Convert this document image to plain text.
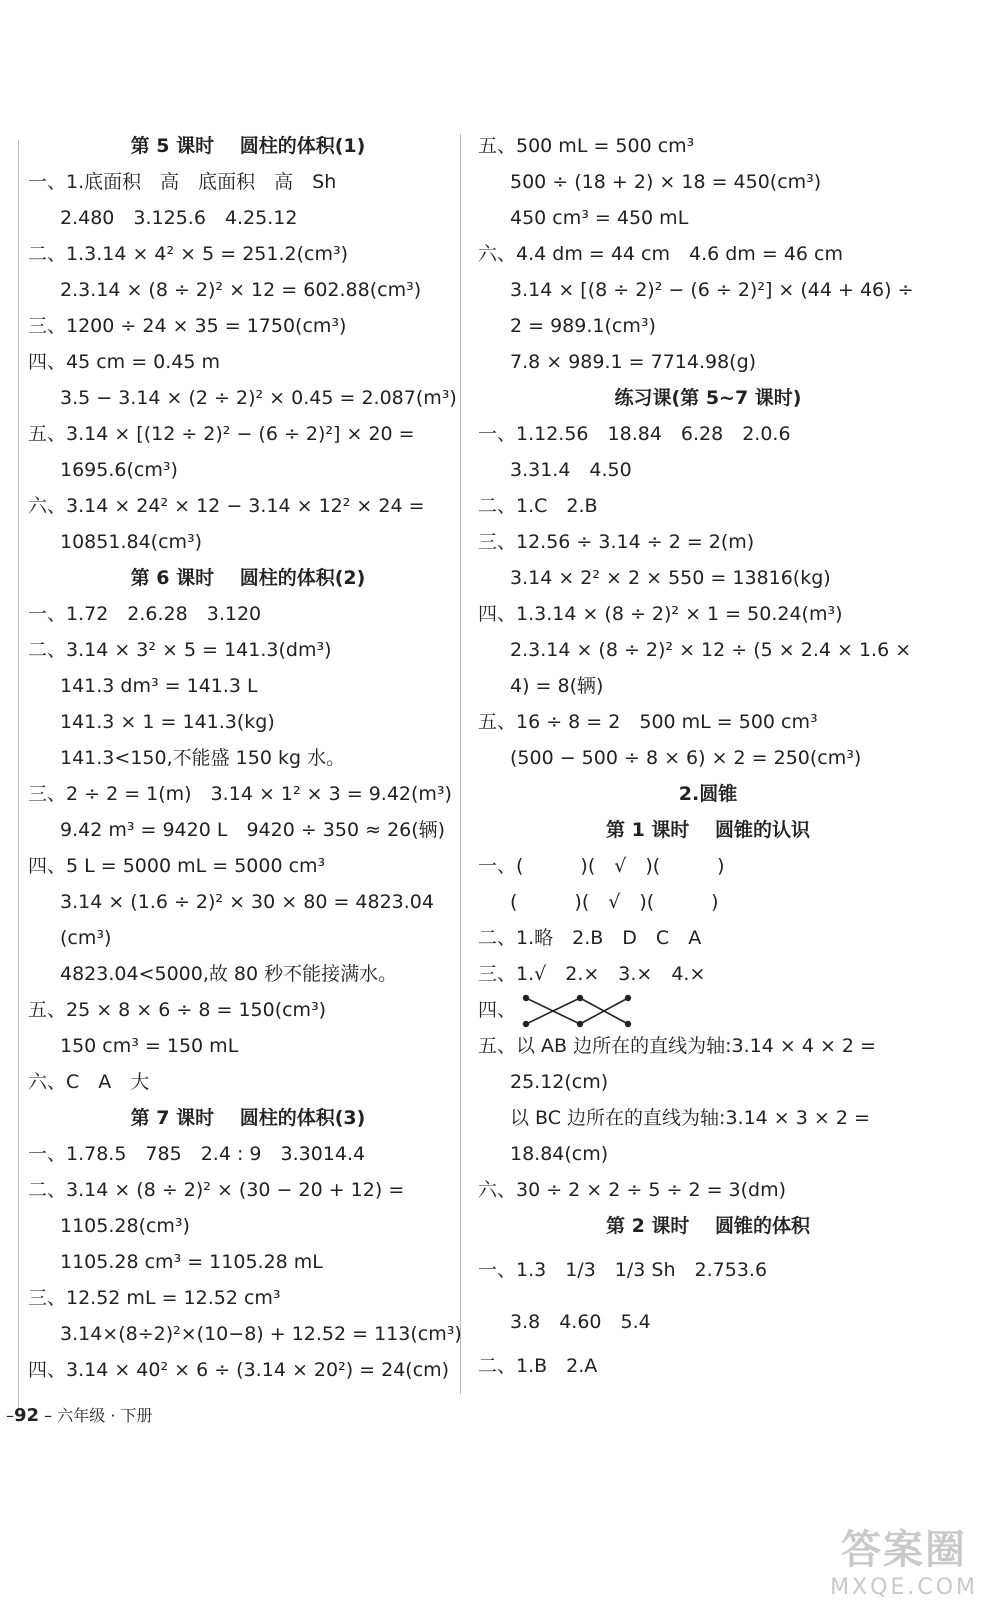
第 5 课时　 圆柱的体积(1)
一、1.底面积　高　底面积　高　Sh
2.480　3.125.6　4.25.12
二、1.3.14 × 4² × 5 = 251.2(cm³)
2.3.14 × (8 ÷ 2)² × 12 = 602.88(cm³)
三、1200 ÷ 24 × 35 = 1750(cm³)
四、45 cm = 0.45 m
3.5 − 3.14 × (2 ÷ 2)² × 0.45 = 2.087(m³)
五、3.14 × [(12 ÷ 2)² − (6 ÷ 2)²] × 20 =
1695.6(cm³)
六、3.14 × 24² × 12 − 3.14 × 12² × 24 =
10851.84(cm³)
第 6 课时　 圆柱的体积(2)
一、1.72　2.6.28　3.120
二、3.14 × 3² × 5 = 141.3(dm³)
141.3 dm³ = 141.3 L
141.3 × 1 = 141.3(kg)
141.3<150,不能盛 150 kg 水。
三、2 ÷ 2 = 1(m)　3.14 × 1² × 3 = 9.42(m³)
9.42 m³ = 9420 L　9420 ÷ 350 ≈ 26(辆)
四、5 L = 5000 mL = 5000 cm³
3.14 × (1.6 ÷ 2)² × 30 × 80 = 4823.04
(cm³)
4823.04<5000,故 80 秒不能接满水。
五、25 × 8 × 6 ÷ 8 = 150(cm³)
150 cm³ = 150 mL
六、C　A　大
第 7 课时　 圆柱的体积(3)
一、1.78.5　785　2.4 : 9　3.3014.4
二、3.14 × (8 ÷ 2)² × (30 − 20 + 12) =
1105.28(cm³)
1105.28 cm³ = 1105.28 mL
三、12.52 mL = 12.52 cm³
3.14×(8÷2)²×(10−8) + 12.52 = 113(cm³)
四、3.14 × 40² × 6 ÷ (3.14 × 20²) = 24(cm)
五、500 mL = 500 cm³
500 ÷ (18 + 2) × 18 = 450(cm³)
450 cm³ = 450 mL
六、4.4 dm = 44 cm　4.6 dm = 46 cm
3.14 × [(8 ÷ 2)² − (6 ÷ 2)²] × (44 + 46) ÷
2 = 989.1(cm³)
7.8 × 989.1 = 7714.98(g)
练习课(第 5~7 课时)
一、1.12.56　18.84　6.28　2.0.6
3.31.4　4.50
二、1.C　2.B
三、12.56 ÷ 3.14 ÷ 2 = 2(m)
3.14 × 2² × 2 × 550 = 13816(kg)
四、1.3.14 × (8 ÷ 2)² × 1 = 50.24(m³)
2.3.14 × (8 ÷ 2)² × 12 ÷ (5 × 2.4 × 1.6 ×
4) = 8(辆)
五、16 ÷ 8 = 2　500 mL = 500 cm³
(500 − 500 ÷ 8 × 6) × 2 = 250(cm³)
2.圆锥
第 1 课时　 圆锥的认识
一、(　　　)(　√　)(　　　)
(　　　)(　√　)(　　　)
二、1.略　2.B　D　C　A
三、1.√　2.×　3.×　4.×
四、
五、以 AB 边所在的直线为轴:3.14 × 4 × 2 =
25.12(cm)
以 BC 边所在的直线为轴:3.14 × 3 × 2 =
18.84(cm)
六、30 ÷ 2 × 2 ÷ 5 ÷ 2 = 3(dm)
第 2 课时　 圆锥的体积
一、1.3　1/3　1/3 Sh　2.753.6
3.8　4.60　5.4
二、1.B　2.A
–92 – 六年级 · 下册
答案圈
MXQE.COM
